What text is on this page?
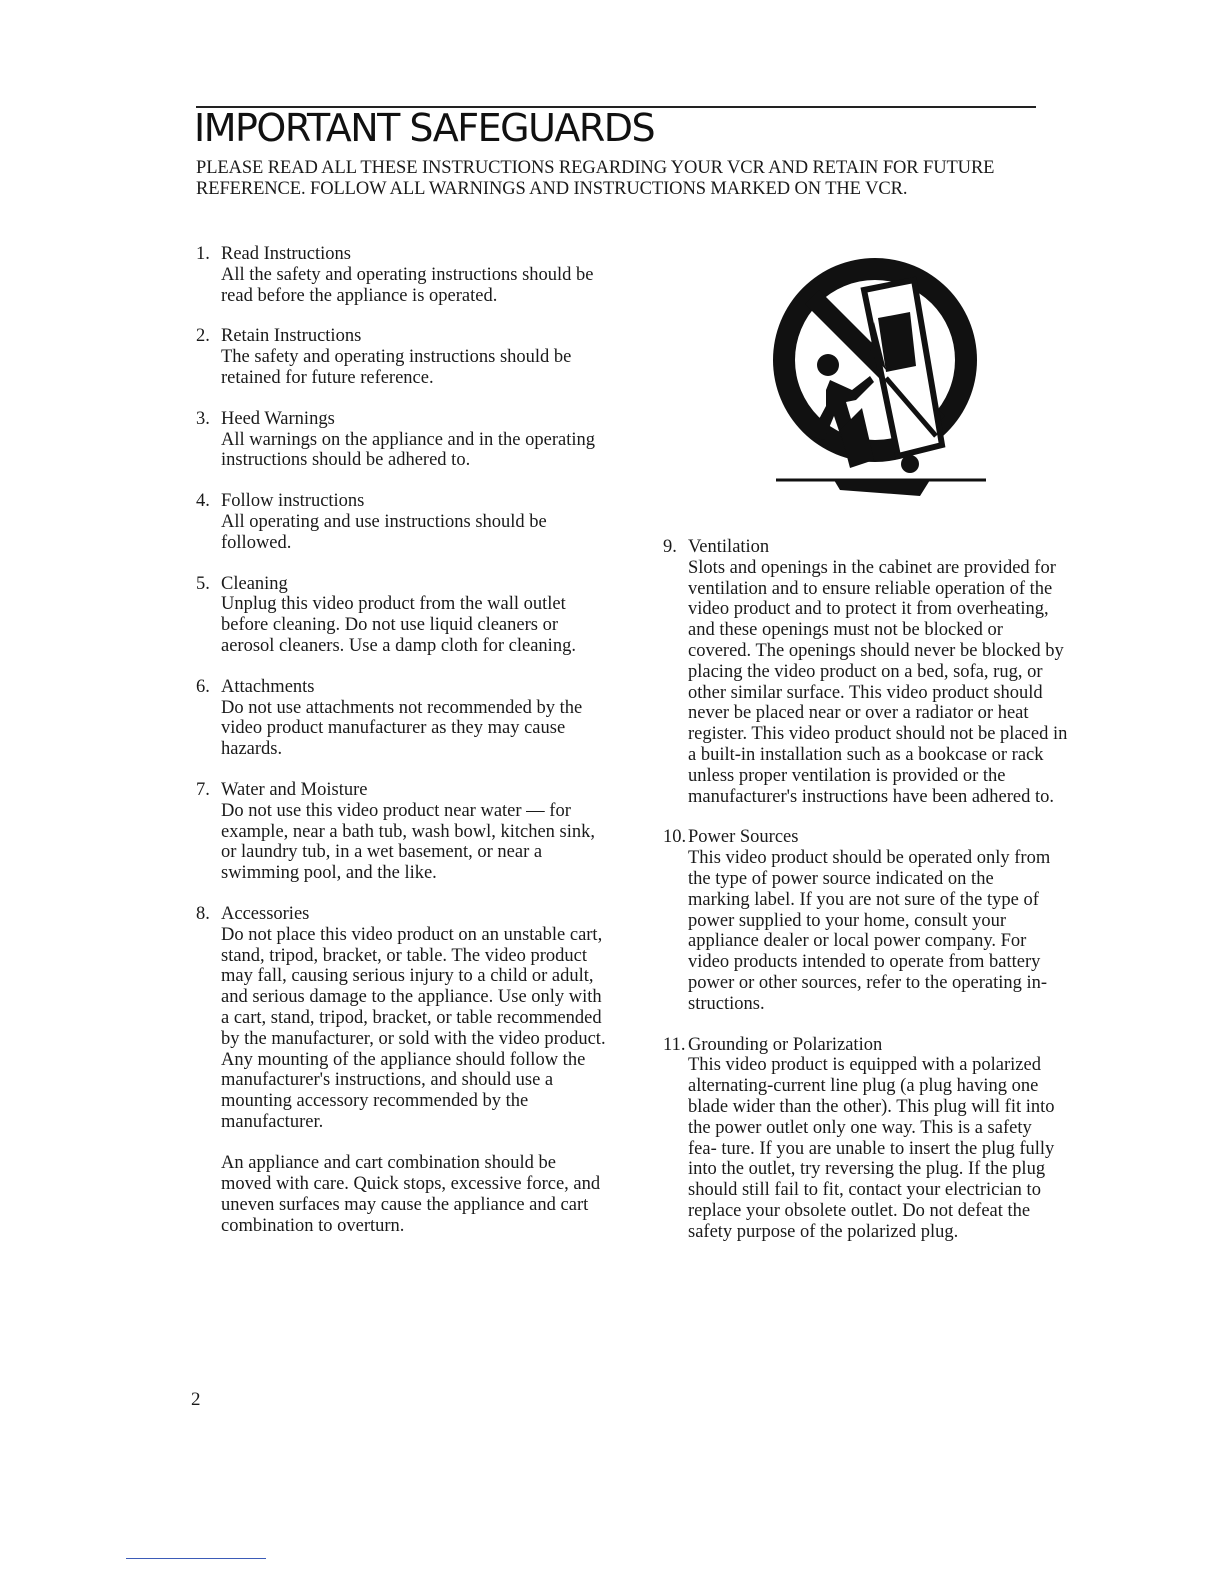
IMPORTANT SAFEGUARDS

PLEASE READ ALL THESE INSTRUCTIONS REGARDING YOUR VCR AND RETAIN FOR FUTURE REFERENCE. FOLLOW ALL WARNINGS AND INSTRUCTIONS MARKED ON THE VCR.

1. Read Instructions
All the safety and operating instructions should be read before the appliance is operated.
2. Retain Instructions
The safety and operating instructions should be retained for future reference.
3. Heed Warnings
All warnings on the appliance and in the operating instructions should be adhered to.
4. Follow instructions
All operating and use instructions should be followed.
5. Cleaning
Unplug this video product from the wall outlet before cleaning. Do not use liquid cleaners or aerosol cleaners. Use a damp cloth for cleaning.
6. Attachments
Do not use attachments not recommended by the video product manufacturer as they may cause hazards.
7. Water and Moisture
Do not use this video product near water — for example, near a bath tub, wash bowl, kitchen sink, or laundry tub, in a wet basement, or near a swimming pool, and the like.
8. Accessories
Do not place this video product on an unstable cart, stand, tripod, bracket, or table. The video product may fall, causing serious injury to a child or adult, and serious damage to the appliance. Use only with a cart, stand, tripod, bracket, or table recommended by the manufacturer, or sold with the video product. Any mounting of the appliance should follow the manufacturer's instructions, and should use a mounting accessory recommended by the manufacturer.
An appliance and cart combination should be moved with care. Quick stops, excessive force, and uneven surfaces may cause the appliance and cart combination to overturn.
9. Ventilation
Slots and openings in the cabinet are provided for ventilation and to ensure reliable operation of the video product and to protect it from overheating, and these openings must not be blocked or covered. The openings should never be blocked by placing the video product on a bed, sofa, rug, or other similar surface. This video product should never be placed near or over a radiator or heat register. This video product should not be placed in a built-in installation such as a bookcase or rack unless proper ventilation is provided or the manufacturer's instructions have been adhered to.
10. Power Sources
This video product should be operated only from the type of power source indicated on the marking label. If you are not sure of the type of power supplied to your home, consult your appliance dealer or local power company. For video products intended to operate from battery power or other sources, refer to the operating in- structions.
11. Grounding or Polarization
This video product is equipped with a polarized alternating-current line plug (a plug having one blade wider than the other). This plug will fit into the power outlet only one way. This is a safety fea- ture. If you are unable to insert the plug fully into the outlet, try reversing the plug. If the plug should still fail to fit, contact your electrician to replace your obsolete outlet. Do not defeat the safety purpose of the polarized plug.
2
